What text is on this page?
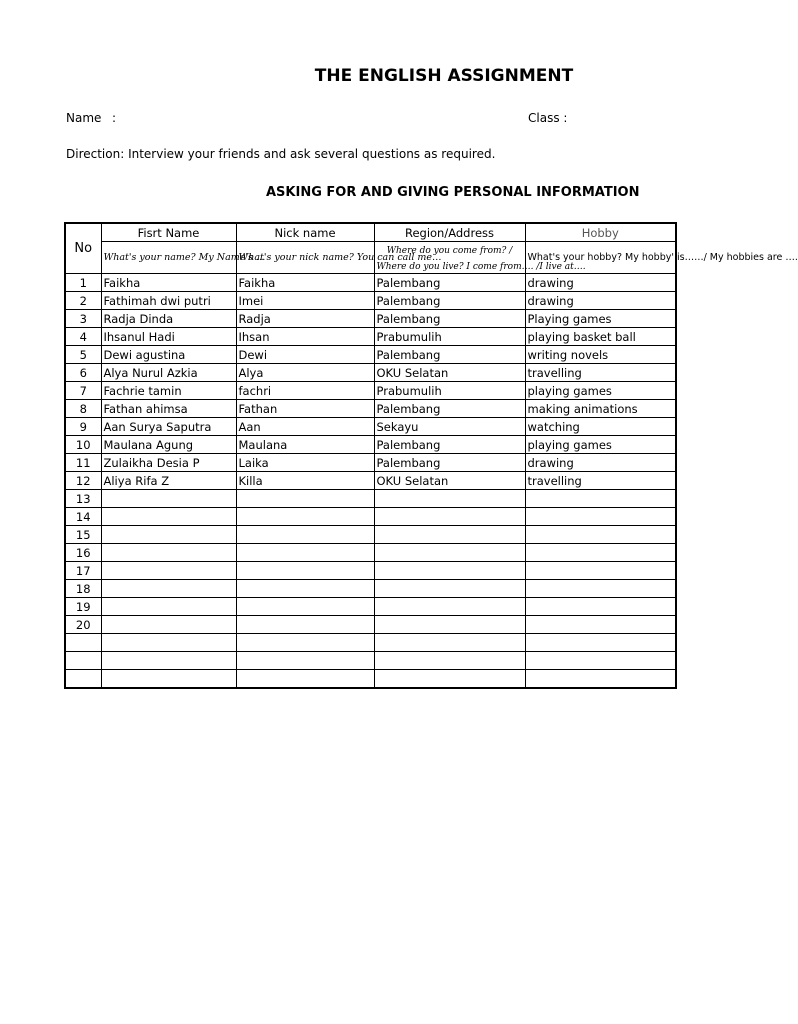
THE ENGLISH ASSIGNMENT
Name :	Class :
Direction: Interview your friends and ask several questions as required.
ASKING FOR AND GIVING PERSONAL INFORMATION
No	Fisrt Name	Nick name	Region/Address	Hobby
	What's your name? My Name's …	What's your nick name? You can call me…	Where do you come from? /
Where do you live? I come from…. /I live at….	What's your hobby? My hobby' is……/ My hobbies are ….
1	Faikha	Faikha	Palembang	drawing
2	Fathimah dwi putri	Imei	Palembang	drawing
3	Radja Dinda	Radja	Palembang	Playing games
4	Ihsanul Hadi	Ihsan	Prabumulih	playing basket ball
5	Dewi agustina	Dewi	Palembang	writing novels
6	Alya Nurul Azkia	Alya	OKU Selatan	travelling
7	Fachrie tamin	fachri	Prabumulih	playing games
8	Fathan ahimsa	Fathan	Palembang	making animations
9	Aan Surya Saputra	Aan	Sekayu	watching
10	Maulana Agung	Maulana	Palembang	playing games
11	Zulaikha Desia P	Laika	Palembang	drawing
12	Aliya Rifa Z	Killa	OKU Selatan	travelling
13				
14				
15				
16				
17				
18				
19				
20				
